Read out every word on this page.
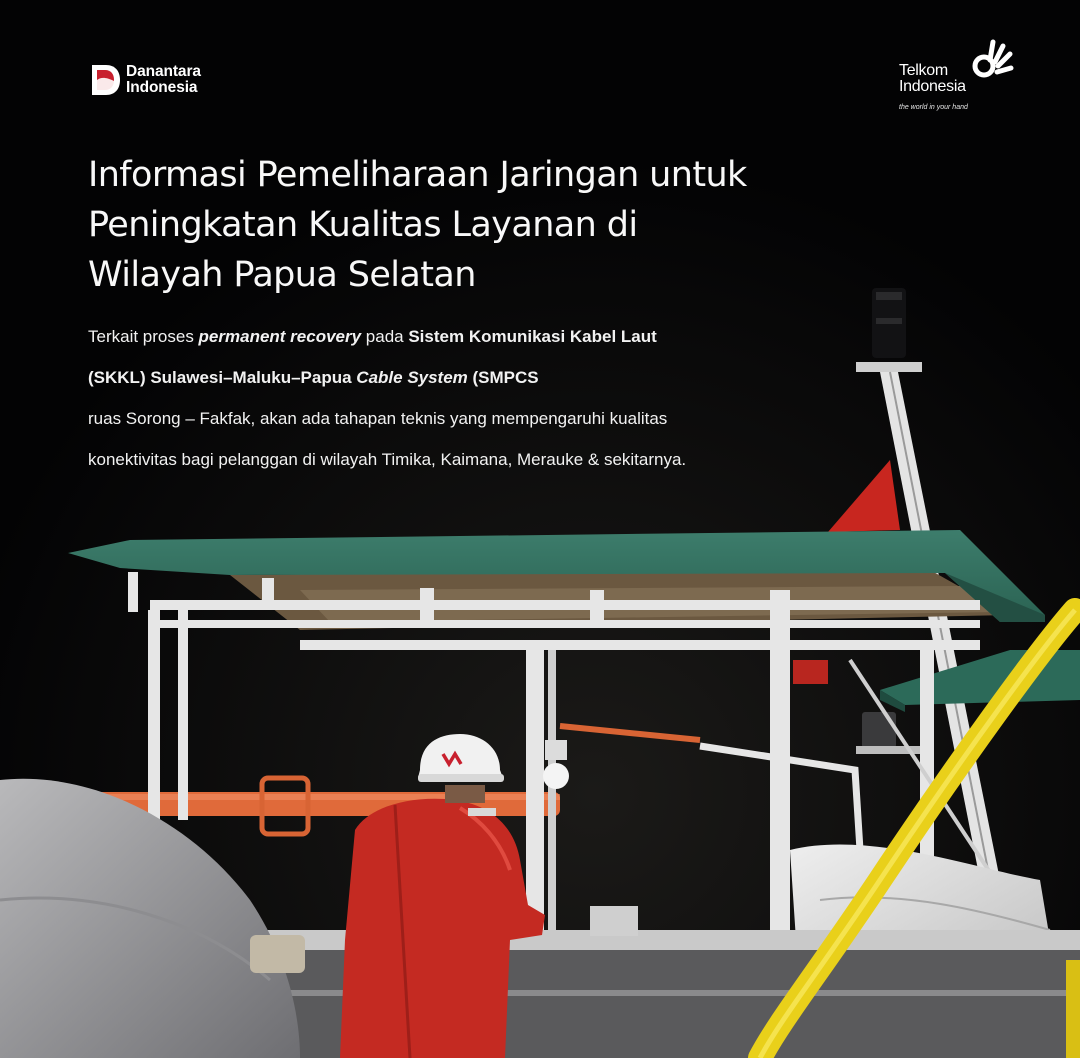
Danantara
Indonesia
Telkom
Indonesia
the world in your hand
Informasi Pemeliharaan Jaringan untuk
Peningkatan Kualitas Layanan di
Wilayah Papua Selatan
Terkait proses permanent recovery pada Sistem Komunikasi Kabel Laut
(SKKL) Sulawesi–Maluku–Papua Cable System (SMPCS
ruas Sorong – Fakfak, akan ada tahapan teknis yang mempengaruhi kualitas
konektivitas bagi pelanggan di wilayah Timika, Kaimana, Merauke & sekitarnya.
